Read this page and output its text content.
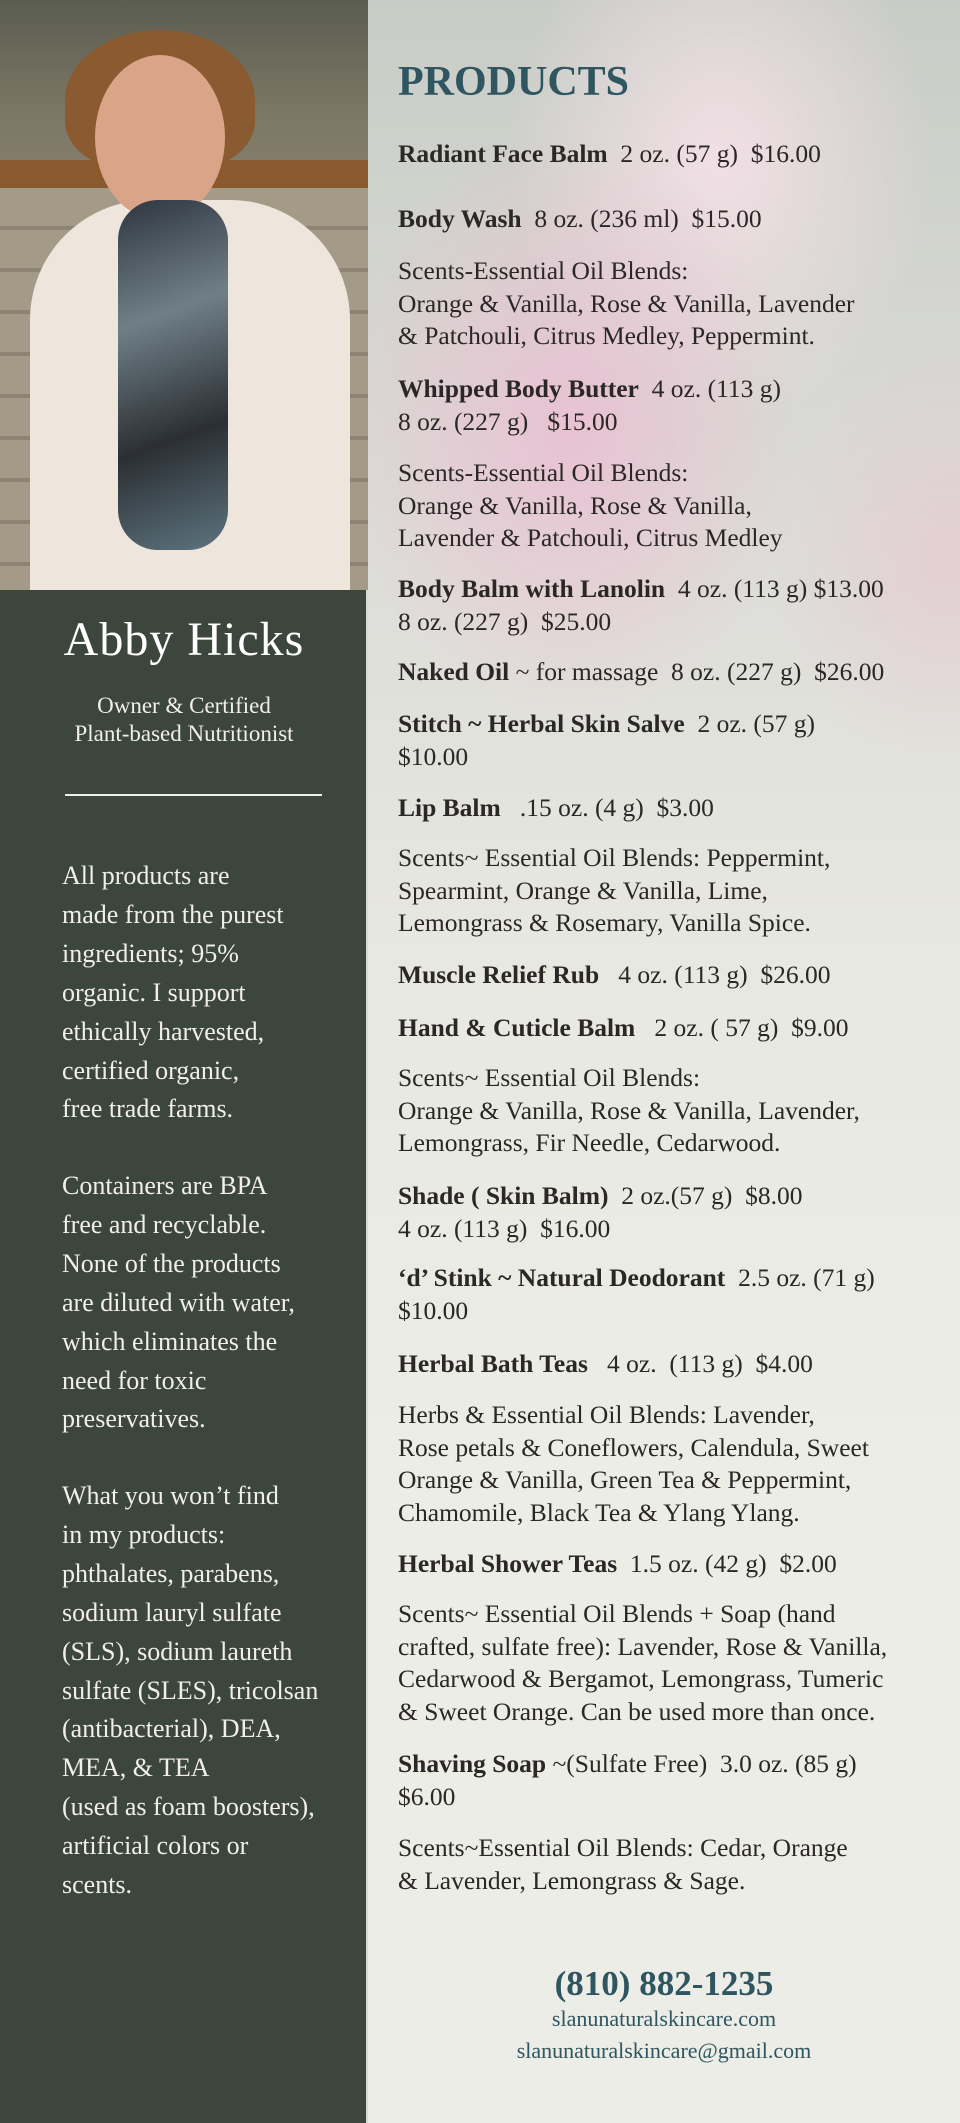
Abby Hicks
Owner & Certified
Plant-based Nutritionist
All products are
made from the purest
ingredients; 95%
organic. I support
ethically harvested,
certified organic,
free trade farms.
Containers are BPA
free and recyclable.
None of the products
are diluted with water,
which eliminates the
need for toxic
preservatives.
What you won’t find
in my products:
phthalates, parabens,
sodium lauryl sulfate
(SLS), sodium laureth
sulfate (SLES), tricolsan
(antibacterial), DEA,
MEA, & TEA
(used as foam boosters),
artificial colors or
scents.
PRODUCTS
Radiant Face Balm  2 oz. (57 g)  $16.00
Body Wash  8 oz. (236 ml)  $15.00
Scents-Essential Oil Blends:
Orange & Vanilla, Rose & Vanilla, Lavender
& Patchouli, Citrus Medley, Peppermint.
Whipped Body Butter  4 oz. (113 g)
8 oz. (227 g)   $15.00
Scents-Essential Oil Blends:
Orange & Vanilla, Rose & Vanilla,
Lavender & Patchouli, Citrus Medley
Body Balm with Lanolin  4 oz. (113 g) $13.00
8 oz. (227 g)  $25.00
Naked Oil ~ for massage  8 oz. (227 g)  $26.00
Stitch ~ Herbal Skin Salve  2 oz. (57 g)
$10.00
Lip Balm   .15 oz. (4 g)  $3.00
Scents~ Essential Oil Blends: Peppermint,
Spearmint, Orange & Vanilla, Lime,
Lemongrass & Rosemary, Vanilla Spice.
Muscle Relief Rub   4 oz. (113 g)  $26.00
Hand & Cuticle Balm   2 oz. ( 57 g)  $9.00
Scents~ Essential Oil Blends:
Orange & Vanilla, Rose & Vanilla, Lavender,
Lemongrass, Fir Needle, Cedarwood.
Shade ( Skin Balm)  2 oz.(57 g)  $8.00
4 oz. (113 g)  $16.00
‘d’ Stink ~ Natural Deodorant  2.5 oz. (71 g)
$10.00
Herbal Bath Teas   4 oz.  (113 g)  $4.00
Herbs & Essential Oil Blends: Lavender,
Rose petals & Coneflowers, Calendula, Sweet
Orange & Vanilla, Green Tea & Peppermint,
Chamomile, Black Tea & Ylang Ylang.
Herbal Shower Teas  1.5 oz. (42 g)  $2.00
Scents~ Essential Oil Blends + Soap (hand
crafted, sulfate free): Lavender, Rose & Vanilla,
Cedarwood & Bergamot, Lemongrass, Tumeric
& Sweet Orange. Can be used more than once.
Shaving Soap ~(Sulfate Free)  3.0 oz. (85 g)
$6.00
Scents~Essential Oil Blends: Cedar, Orange
& Lavender, Lemongrass & Sage.
(810) 882-1235
slanunaturalskincare.com
slanunaturalskincare@gmail.com
